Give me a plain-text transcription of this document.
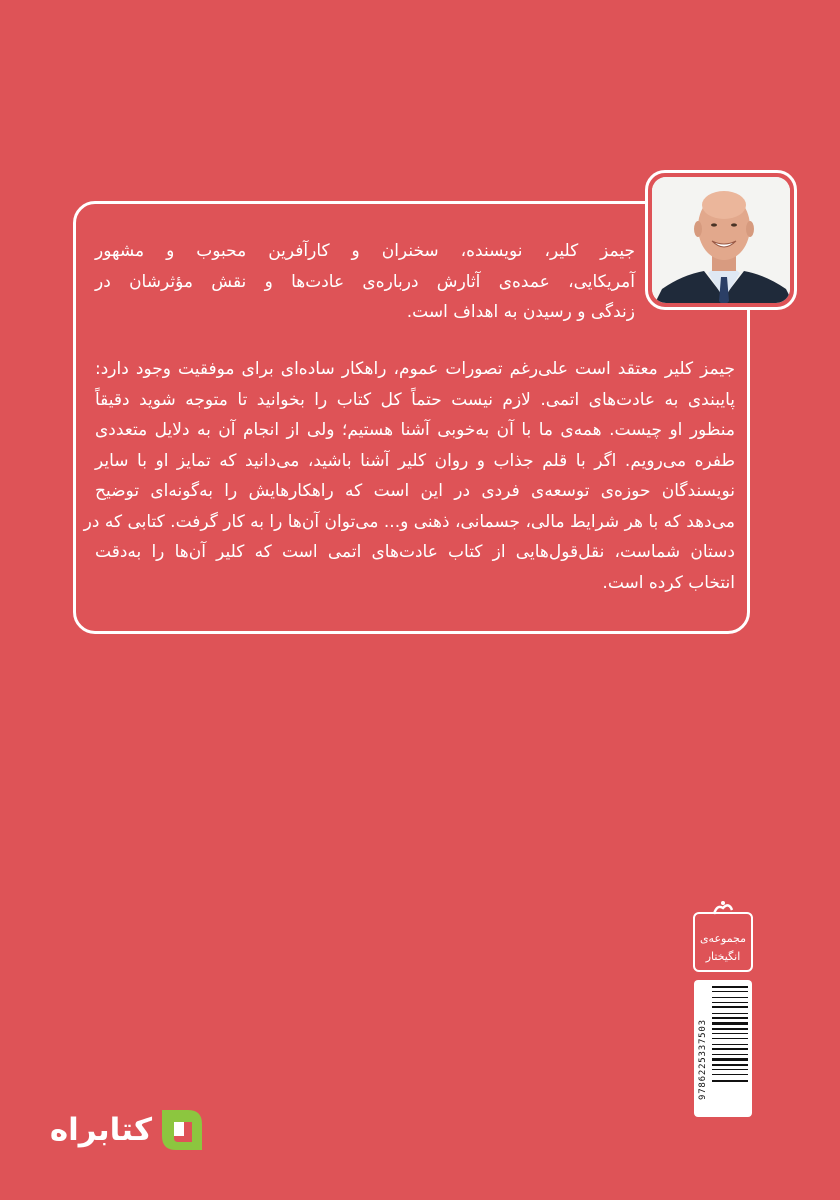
جیمز کلیر، نویسنده، سخنران و کارآفرین محبوب و مشهور
آمریکایی، عمده‌ی آثارش درباره‌ی عادت‌ها و نقش مؤثرشان در
زندگی و رسیدن به اهداف است.
جیمز کلیر معتقد است علی‌رغم تصورات عموم، راهکار ساده‌ای برای موفقیت وجود دارد:
پایبندی به عادت‌های اتمی. لازم نیست حتماً کل کتاب را بخوانید تا متوجه شوید دقیقاً
منظور او چیست. همه‌ی ما با آن به‌خوبی آشنا هستیم؛ ولی از انجام آن به دلایل متعددی
طفره می‌رویم. اگر با قلم جذاب و روان کلیر آشنا باشید، می‌دانید که تمایز او با سایر
نویسندگان حوزه‌ی توسعه‌ی فردی در این است که راهکارهایش را به‌گونه‌ای توضیح
می‌دهد که با هر شرایط مالی، جسمانی، ذهنی و... می‌توان آن‌ها را به کار گرفت. کتابی که در
دستان شماست، نقل‌قول‌هایی از کتاب عادت‌های اتمی است که کلیر آن‌ها را به‌دقت
انتخاب کرده است.
مجموعه‌ی
انگیختار
9786225337503
کتابراه
